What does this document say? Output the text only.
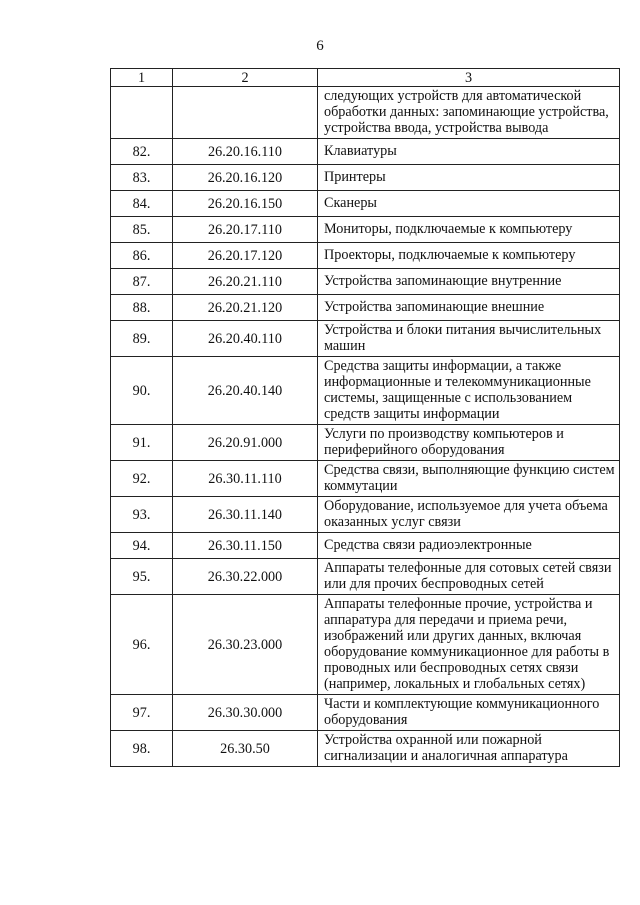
6
1	2	3
		следующих устройств для автоматической обработки данных: запоминающие устройства, устройства ввода, устройства вывода
82.	26.20.16.110	Клавиатуры
83.	26.20.16.120	Принтеры
84.	26.20.16.150	Сканеры
85.	26.20.17.110	Мониторы, подключаемые к компьютеру
86.	26.20.17.120	Проекторы, подключаемые к компьютеру
87.	26.20.21.110	Устройства запоминающие внутренние
88.	26.20.21.120	Устройства запоминающие внешние
89.	26.20.40.110	Устройства и блоки питания вычислительных машин
90.	26.20.40.140	Средства защиты информации, а также информационные и телекоммуникационные системы, защищенные с использованием средств защиты информации
91.	26.20.91.000	Услуги по производству компьютеров и периферийного оборудования
92.	26.30.11.110	Средства связи, выполняющие функцию систем коммутации
93.	26.30.11.140	Оборудование, используемое для учета объема оказанных услуг связи
94.	26.30.11.150	Средства связи радиоэлектронные
95.	26.30.22.000	Аппараты телефонные для сотовых сетей связи или для прочих беспроводных сетей
96.	26.30.23.000	Аппараты телефонные прочие, устройства и аппаратура для передачи и приема речи, изображений или других данных, включая оборудование коммуникационное для работы в проводных или беспроводных сетях связи (например, локальных и глобальных сетях)
97.	26.30.30.000	Части и комплектующие коммуникационного оборудования
98.	26.30.50	Устройства охранной или пожарной сигнализации и аналогичная аппаратура
